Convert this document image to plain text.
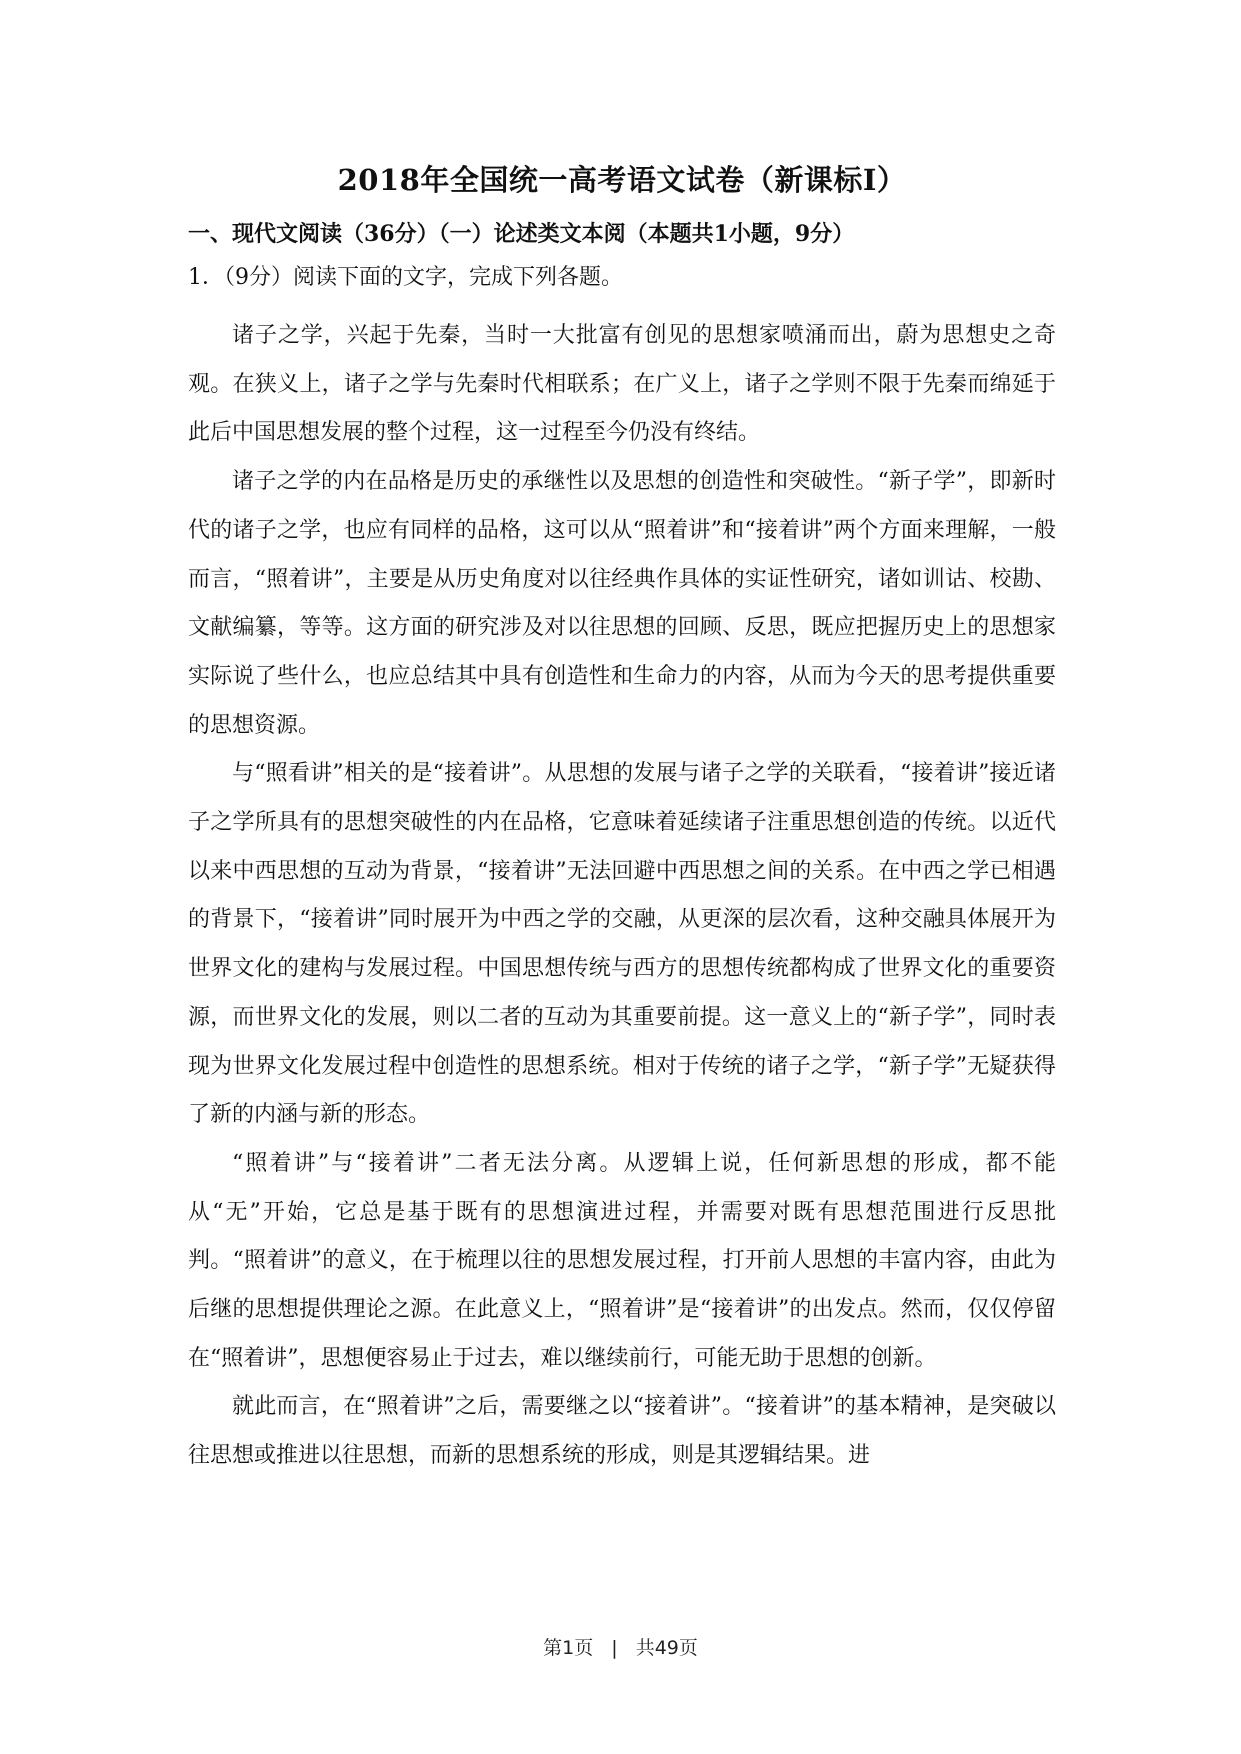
2018年全国统一高考语文试卷（新课标I）
一、现代文阅读（36分）（一）论述类文本阅（本题共1小题，9分）
1．（9分）阅读下面的文字，完成下列各题。

诸子之学，兴起于先秦，当时一大批富有创见的思想家喷涌而出，蔚为思想史之奇观。在狭义上，诸子之学与先秦时代相联系；在广义上，诸子之学则不限于先秦而绵延于此后中国思想发展的整个过程，这一过程至今仍没有终结。

诸子之学的内在品格是历史的承继性以及思想的创造性和突破性。“新子学”，即新时代的诸子之学，也应有同样的品格，这可以从“照着讲”和“接着讲”两个方面来理解，一般而言，“照着讲”，主要是从历史角度对以往经典作具体的实证性研究，诸如训诂、校勘、文献编纂，等等。这方面的研究涉及对以往思想的回顾、反思，既应把握历史上的思想家实际说了些什么，也应总结其中具有创造性和生命力的内容，从而为今天的思考提供重要的思想资源。

与“照看讲”相关的是“接着讲”。从思想的发展与诸子之学的关联看，“接着讲”接近诸子之学所具有的思想突破性的内在品格，它意味着延续诸子注重思想创造的传统。以近代以来中西思想的互动为背景，“接着讲”无法回避中西思想之间的关系。在中西之学已相遇的背景下，“接着讲”同时展开为中西之学的交融，从更深的层次看，这种交融具体展开为世界文化的建构与发展过程。中国思想传统与西方的思想传统都构成了世界文化的重要资源，而世界文化的发展，则以二者的互动为其重要前提。这一意义上的“新子学”，同时表现为世界文化发展过程中创造性的思想系统。相对于传统的诸子之学，“新子学”无疑获得了新的内涵与新的形态。

“照着讲”与“接着讲”二者无法分离。从逻辑上说，任何新思想的形成，都不能从“无”开始，它总是基于既有的思想演进过程，并需要对既有思想范围进行反思批判。“照着讲”的意义，在于梳理以往的思想发展过程，打开前人思想的丰富内容，由此为后继的思想提供理论之源。在此意义上，“照着讲”是“接着讲”的出发点。然而，仅仅停留在“照着讲”，思想便容易止于过去，难以继续前行，可能无助于思想的创新。

就此而言，在“照着讲”之后，需要继之以“接着讲”。“接着讲”的基本精神，是突破以往思想或推进以往思想，而新的思想系统的形成，则是其逻辑结果。进

第1页 | 共49页
